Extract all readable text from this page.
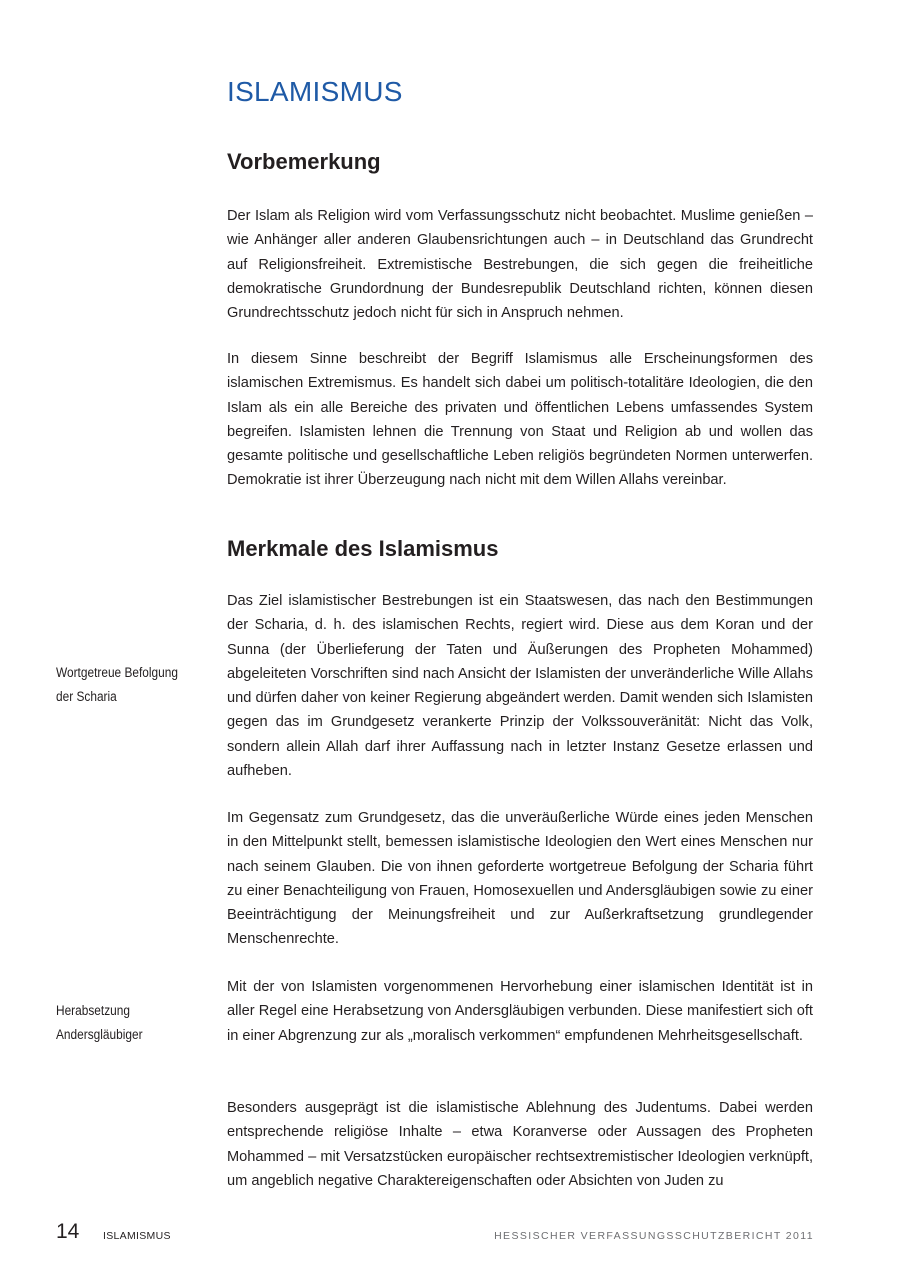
ISLAMISMUS
Vorbemerkung

Der Islam als Religion wird vom Verfassungsschutz nicht beobachtet. Muslime genießen – wie Anhänger aller anderen Glaubensrichtungen auch – in Deutschland das Grundrecht auf Religionsfreiheit. Extremistische Bestrebungen, die sich gegen die freiheitliche demokratische Grundordnung der Bundesrepublik Deutschland richten, können diesen Grundrechtsschutz jedoch nicht für sich in Anspruch nehmen.

In diesem Sinne beschreibt der Begriff Islamismus alle Erscheinungsformen des islamischen Extremismus. Es handelt sich dabei um politisch-totalitäre Ideologien, die den Islam als ein alle Bereiche des privaten und öffentlichen Lebens umfassendes System begreifen. Islamisten lehnen die Trennung von Staat und Religion ab und wollen das gesamte politische und gesellschaftliche Leben religiös begründeten Normen unterwerfen. Demokratie ist ihrer Überzeugung nach nicht mit dem Willen Allahs vereinbar.

Merkmale des Islamismus

Das Ziel islamistischer Bestrebungen ist ein Staatswesen, das nach den Bestimmungen der Scharia, d. h. des islamischen Rechts, regiert wird. Diese aus dem Koran und der Sunna (der Überlieferung der Taten und Äußerungen des Propheten Mohammed) abgeleiteten Vorschriften sind nach Ansicht der Islamisten der unveränderliche Wille Allahs und dürfen daher von keiner Regierung abgeändert werden. Damit wenden sich Islamisten gegen das im Grundgesetz verankerte Prinzip der Volkssouveränität: Nicht das Volk, sondern allein Allah darf ihrer Auffassung nach in letzter Instanz Gesetze erlassen und aufheben.

Wortgetreue Befolgung
der Scharia

Im Gegensatz zum Grundgesetz, das die unveräußerliche Würde eines jeden Menschen in den Mittelpunkt stellt, bemessen islamistische Ideologien den Wert eines Menschen nur nach seinem Glauben. Die von ihnen geforderte wortgetreue Befolgung der Scharia führt zu einer Benachteiligung von Frauen, Homosexuellen und Andersgläubigen sowie zu einer Beeinträchtigung der Meinungsfreiheit und zur Außerkraftsetzung grundlegender Menschenrechte.

Mit der von Islamisten vorgenommenen Hervorhebung einer islamischen Identität ist in aller Regel eine Herabsetzung von Andersgläubigen verbunden. Diese manifestiert sich oft in einer Abgrenzung zur als „moralisch verkommen“ empfundenen Mehrheitsgesellschaft.

Herabsetzung
Andersgläubiger

Besonders ausgeprägt ist die islamistische Ablehnung des Judentums. Dabei werden entsprechende religiöse Inhalte – etwa Koranverse oder Aussagen des Propheten Mohammed – mit Versatzstücken europäischer rechtsextremistischer Ideologien verknüpft, um angeblich negative Charaktereigenschaften oder Absichten von Juden zu

14 ISLAMISMUS	HESSISCHER VERFASSUNGSSCHUTZBERICHT 2011
